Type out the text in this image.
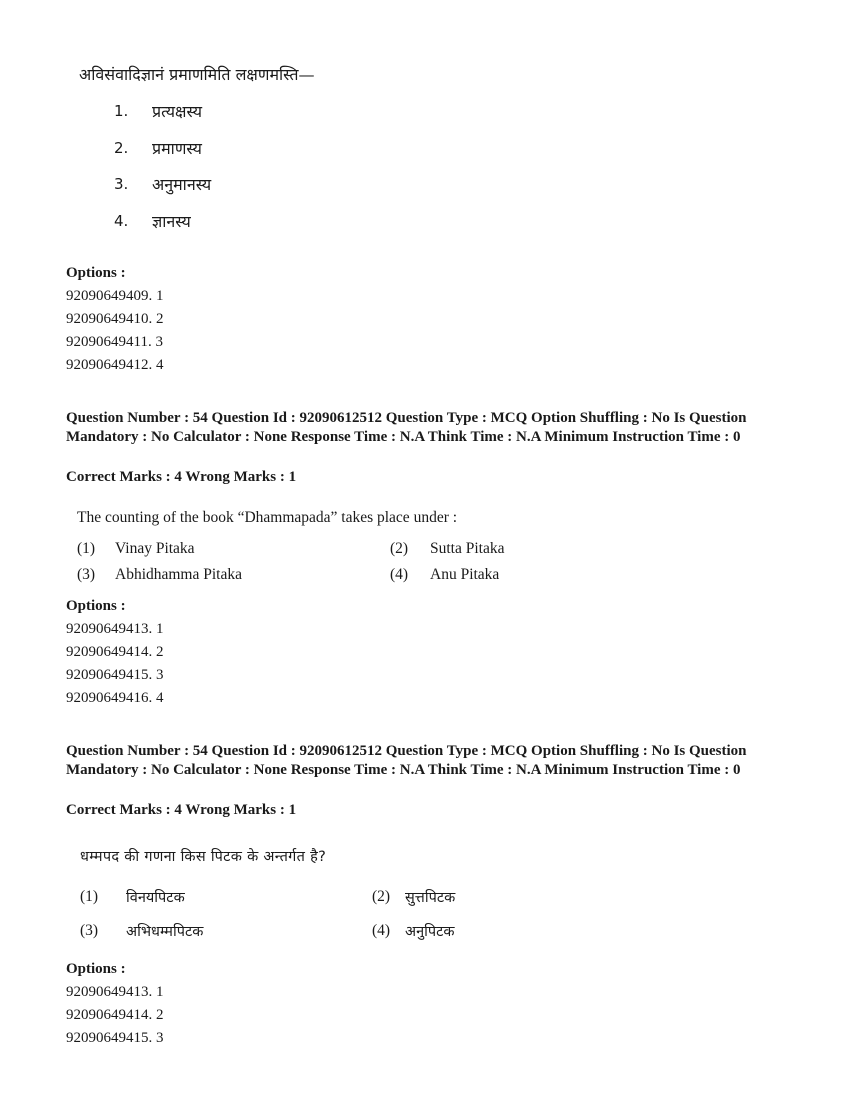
अविसंवादिज्ञानं प्रमाणमिति लक्षणमस्ति—
1. प्रत्यक्षस्य
2. प्रमाणस्य
3. अनुमानस्य
4. ज्ञानस्य
Options :
92090649409. 1
92090649410. 2
92090649411. 3
92090649412. 4
Question Number : 54 Question Id : 92090612512 Question Type : MCQ Option Shuffling : No Is Question Mandatory : No Calculator : None Response Time : N.A Think Time : N.A Minimum Instruction Time : 0
Correct Marks : 4 Wrong Marks : 1
The counting of the book “Dhammapada” takes place under :
(1) Vinay Pitaka	(2) Sutta Pitaka
(3) Abhidhamma Pitaka	(4) Anu Pitaka
Options :
92090649413. 1
92090649414. 2
92090649415. 3
92090649416. 4
Question Number : 54 Question Id : 92090612512 Question Type : MCQ Option Shuffling : No Is Question Mandatory : No Calculator : None Response Time : N.A Think Time : N.A Minimum Instruction Time : 0
Correct Marks : 4 Wrong Marks : 1
धम्मपद की गणना किस पिटक के अन्तर्गत है?
(1) विनयपिटक	(2) सुत्तपिटक
(3) अभिधम्मपिटक	(4) अनुपिटक
Options :
92090649413. 1
92090649414. 2
92090649415. 3
